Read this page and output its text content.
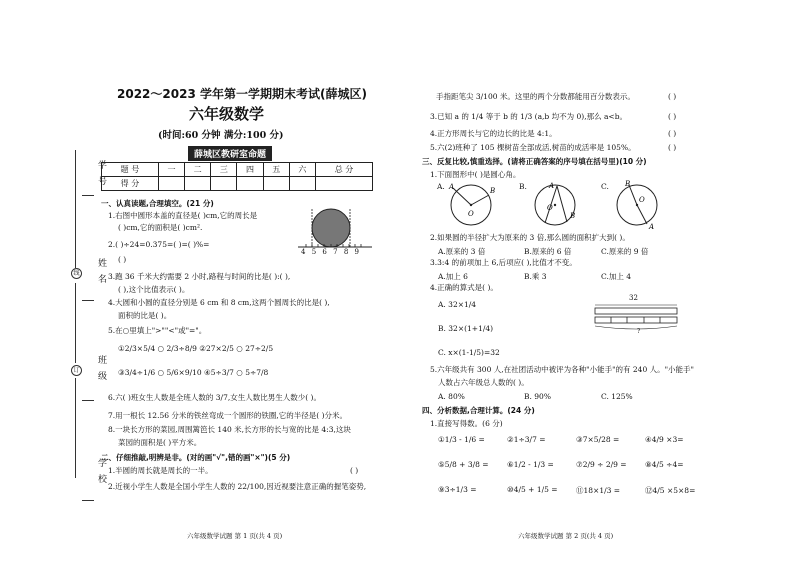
学 号
姓 名
班 级
学 校
线
订
2022～2023 学年第一学期期末考试(薛城区)
六年级数学
(时间:60 分钟 满分:100 分)
薛城区教研室命题
题 号	一	二	三	四	五	六	总 分
得 分							
一、认真读题,合理填空。(21 分)
1.右图中圆形本盖的直径是( )cm,它的周长是
( )cm,它的面积是( )cm².
2.( )÷24=0.375=( )=( )%=
( )
3.跑 36 千米大约需要 2 小时,路程与时间的比是( ):( ),
( ),这个比值表示( )。
4.大圆和小圆的直径分别是 6 cm 和 8 cm,这两个圆周长的比是( ),
面积的比是( )。
5.在○里填上">""<"或"="。
①2/3×5/4 ○ 2/3÷8/9 ②27×2/5 ○ 27÷2/5
③3/4÷1/6 ○ 5/6×9/10 ④5÷3/7 ○ 5÷7/8
6.六( )班女生人数是全班人数的 3/7,女生人数比男生人数少( )。
7.用一根长 12.56 分米的铁丝弯成一个圆形的铁圈,它的半径是( )分米。
8.一块长方形的菜园,周围篱笆长 140 米,长方形的长与宽的比是 4:3,这块
菜园的面积是( )平方米。
4 5 6 7 8 9
二、仔细推敲,明辨是非。(对的画"√",错的画"×")(5 分)
1.半圆的周长就是周长的一半。	( )
2.近视小学生人数是全国小学生人数的 22/100,因近视要注意正确的握笔姿势,
六年级数学试题 第 1 页(共 4 页)
手指距笔尖 3/100 米。这里的两个分数都能用百分数表示。	( )
3.已知 a 的 1/4 等于 b 的 1/3 (a,b 均不为 0),那么 a<b。	( )
4.正方形周长与它的边长的比是 4:1。	( )
5.六(2)班种了 105 棵树苗全部成活,树苗的成活率是 105%。	( )
三、反复比较,慎重选择。(请将正确答案的序号填在括号里)(10 分)
1.下面图形中( )是圆心角。
A.	B.	C.
A	B
O
O
A
B
O
B
A
2.如果圆的半径扩大为原来的 3 倍,那么圆的面积扩大到( )。
A.原来的 3 倍	B.原来的 6 倍	C.原来的 9 倍
3.3:4 的前项加上 6,后项应( ),比值才不变。
A.加上 6	B.乘 3	C.加上 4
4.正确的算式是( )。
A. 32×1/4
B. 32×(1+1/4)
C. x×(1-1/5)=32
32
?
5.六年级共有 300 人,在社团活动中被评为各种"小能手"的有 240 人。"小能手"
人数占六年级总人数的( )。
A. 80%	B. 90%	C. 125%
四、分析数据,合理计算。(24 分)
1.直接写得数。(6 分)
①1/3 - 1/6 =	②1÷3/7 =	③7×5/28 =	④4/9 ×3=
⑤5/8 + 3/8 = ⑥1/2 - 1/3 =	⑦2/9 ÷ 2/9 = ⑧4/5 ÷4=
⑨3÷1/3 =	⑩4/5 + 1/5 = ⑪18×1/3 =	⑫4/5 ×5×8=
六年级数学试题 第 2 页(共 4 页)
